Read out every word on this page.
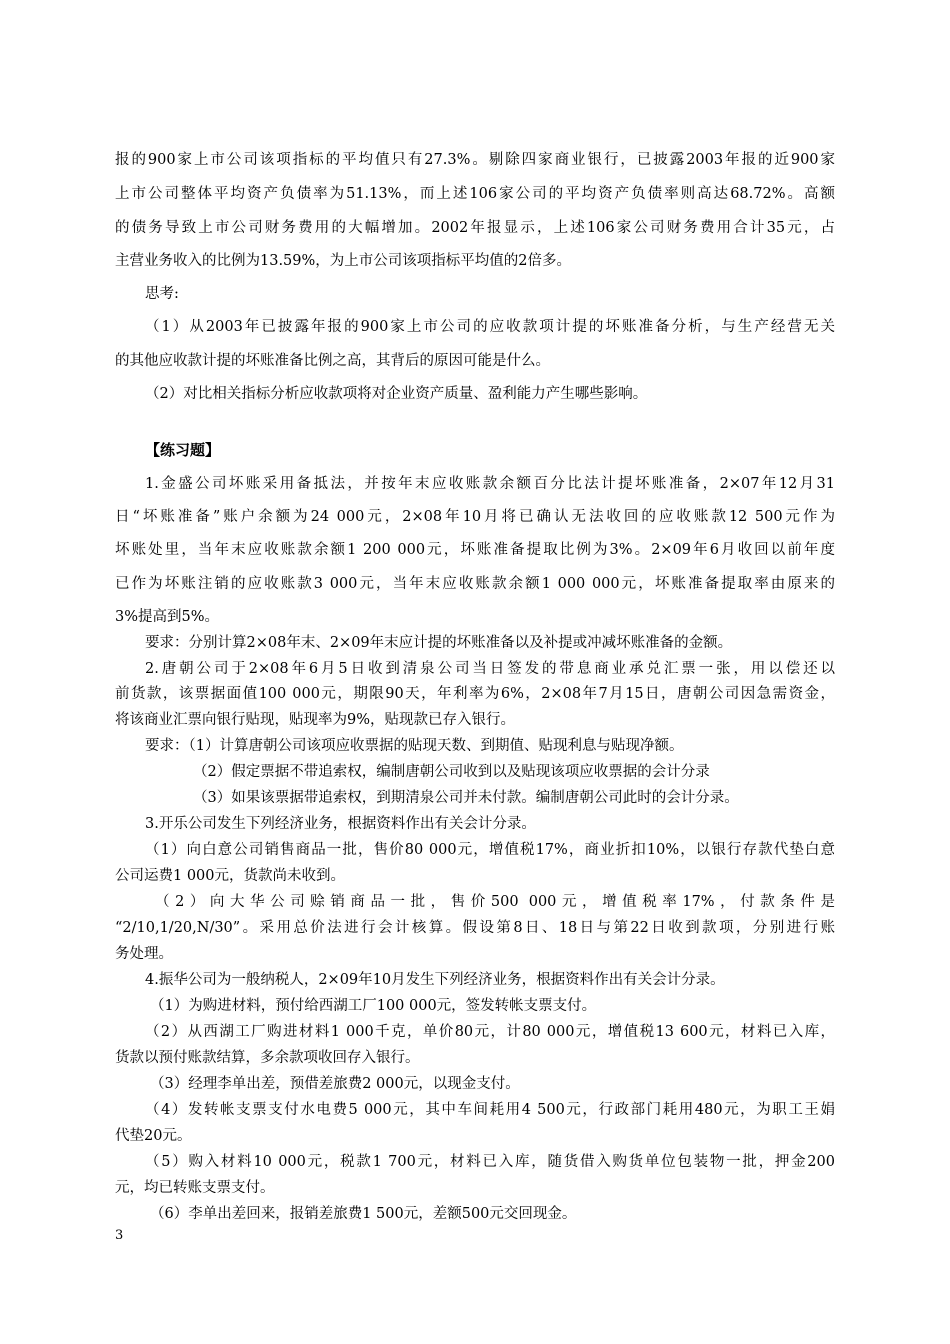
报的900家上市公司该项指标的平均值只有27.3%。剔除四家商业银行，已披露2003年报的近900家
上市公司整体平均资产负债率为51.13%，而上述106家公司的平均资产负债率则高达68.72%。高额
的债务导致上市公司财务费用的大幅增加。2002年报显示，上述106家公司财务费用合计35元，占
主营业务收入的比例为13.59%，为上市公司该项指标平均值的2倍多。
思考:
（1）从2003年已披露年报的900家上市公司的应收款项计提的坏账准备分析，与生产经营无关
的其他应收款计提的坏账准备比例之高，其背后的原因可能是什么。
（2）对比相关指标分析应收款项将对企业资产质量、盈利能力产生哪些影响。
【练习题】
1.金盛公司坏账采用备抵法，并按年末应收账款余额百分比法计提坏账准备，2×07年12月31
日“坏账准备”账户余额为24 000元，2×08年10月将已确认无法收回的应收账款12 500元作为
坏账处里，当年末应收账款余额1 200 000元，坏账准备提取比例为3%。2×09年6月收回以前年度
已作为坏账注销的应收账款3 000元，当年末应收账款余额1 000 000元，坏账准备提取率由原来的
3%提高到5%。
要求：分别计算2×08年末、2×09年末应计提的坏账准备以及补提或冲减坏账准备的金额。
2.唐朝公司于2×08年6月5日收到清泉公司当日签发的带息商业承兑汇票一张，用以偿还以
前货款，该票据面值100 000元，期限90天，年利率为6%，2×08年7月15日，唐朝公司因急需资金，
将该商业汇票向银行贴现，贴现率为9%，贴现款已存入银行。
要求：（1）计算唐朝公司该项应收票据的贴现天数、到期值、贴现利息与贴现净额。
（2）假定票据不带追索权，编制唐朝公司收到以及贴现该项应收票据的会计分录
（3）如果该票据带追索权，到期清泉公司并未付款。编制唐朝公司此时的会计分录。
3.开乐公司发生下列经济业务，根据资料作出有关会计分录。
（1）向白意公司销售商品一批，售价80 000元，增值税17%，商业折扣10%，以银行存款代垫白意
公司运费1 000元，货款尚未收到。
（2）向大华公司赊销商品一批，售价500 000元，增值税率17%，付款条件是
“2/10,1/20,N/30”。采用总价法进行会计核算。假设第8日、18日与第22日收到款项，分别进行账
务处理。
4.振华公司为一般纳税人，2×09年10月发生下列经济业务，根据资料作出有关会计分录。
（1）为购进材料，预付给西湖工厂100 000元，签发转帐支票支付。
（2）从西湖工厂购进材料1 000千克，单价80元，计80 000元，增值税13 600元，材料已入库，
货款以预付账款结算，多余款项收回存入银行。
（3）经理李单出差，预借差旅费2 000元，以现金支付。
（4）发转帐支票支付水电费5 000元，其中车间耗用4 500元，行政部门耗用480元，为职工王娟
代垫20元。
（5）购入材料10 000元，税款1 700元，材料已入库，随货借入购货单位包装物一批，押金200
元，均已转账支票支付。
（6）李单出差回来，报销差旅费1 500元，差额500元交回现金。
3
